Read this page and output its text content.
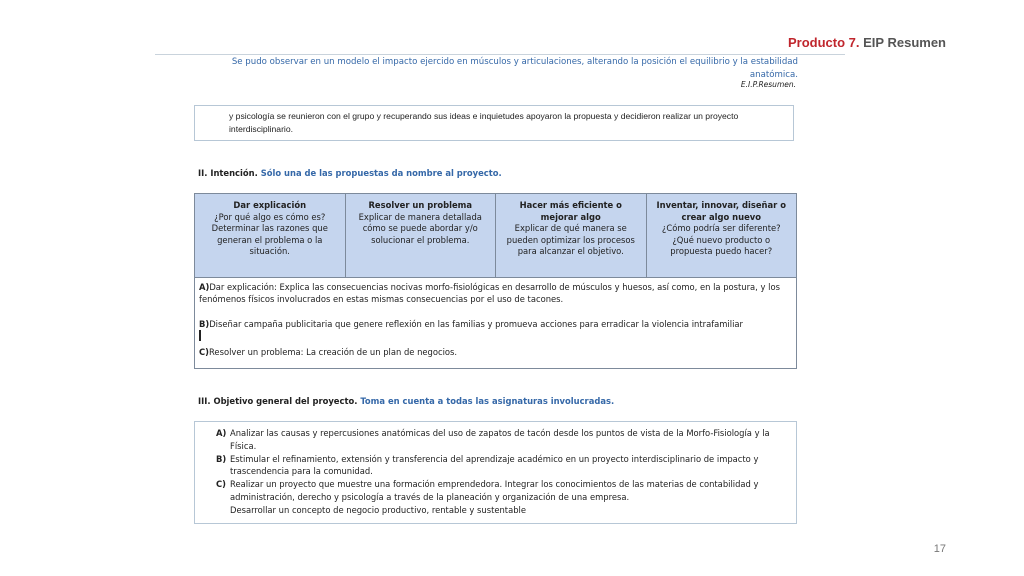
Producto 7. EIP Resumen
Se pudo observar en un modelo el impacto ejercido en músculos y articulaciones, alterando la posición el equilibrio y la estabilidad anatómica.
E.I.P.Resumen.
y psicología se reunieron con el grupo y recuperando sus ideas e inquietudes apoyaron la propuesta y decidieron realizar un proyecto interdisciplinario.
II. Intención. Sólo una de las propuestas da nombre al proyecto.
Dar explicación
¿Por qué algo es cómo es? Determinar las razones que generan el problema o la situación.
Resolver un problema
Explicar de manera detallada cómo se puede abordar y/o solucionar el problema.
Hacer más eficiente o mejorar algo
Explicar de qué manera se pueden optimizar los procesos para alcanzar el objetivo.
Inventar, innovar, diseñar o crear algo nuevo
¿Cómo podría ser diferente? ¿Qué nuevo producto o propuesta puedo hacer?

A)Dar explicación: Explica las consecuencias nocivas morfo-fisiológicas en desarrollo de músculos y huesos, así como, en la postura, y los fenómenos físicos involucrados en estas mismas consecuencias por el uso de tacones.

B)Diseñar campaña publicitaria que genere reflexión en las familias y promueva acciones para erradicar la violencia intrafamiliar

C)Resolver un problema: La creación de un plan de negocios.

III. Objetivo general del proyecto. Toma en cuenta a todas las asignaturas involucradas.
A) Analizar las causas y repercusiones anatómicas del uso de zapatos de tacón desde los puntos de vista de la Morfo-Fisiología y la Física.
B) Estimular el refinamiento, extensión y transferencia del aprendizaje académico en un proyecto interdisciplinario de impacto y trascendencia para la comunidad.
C) Realizar un proyecto que muestre una formación emprendedora. Integrar los conocimientos de las materias de contabilidad y administración, derecho y psicología a través de la planeación y organización de una empresa.
Desarrollar un concepto de negocio productivo, rentable y sustentable
17
